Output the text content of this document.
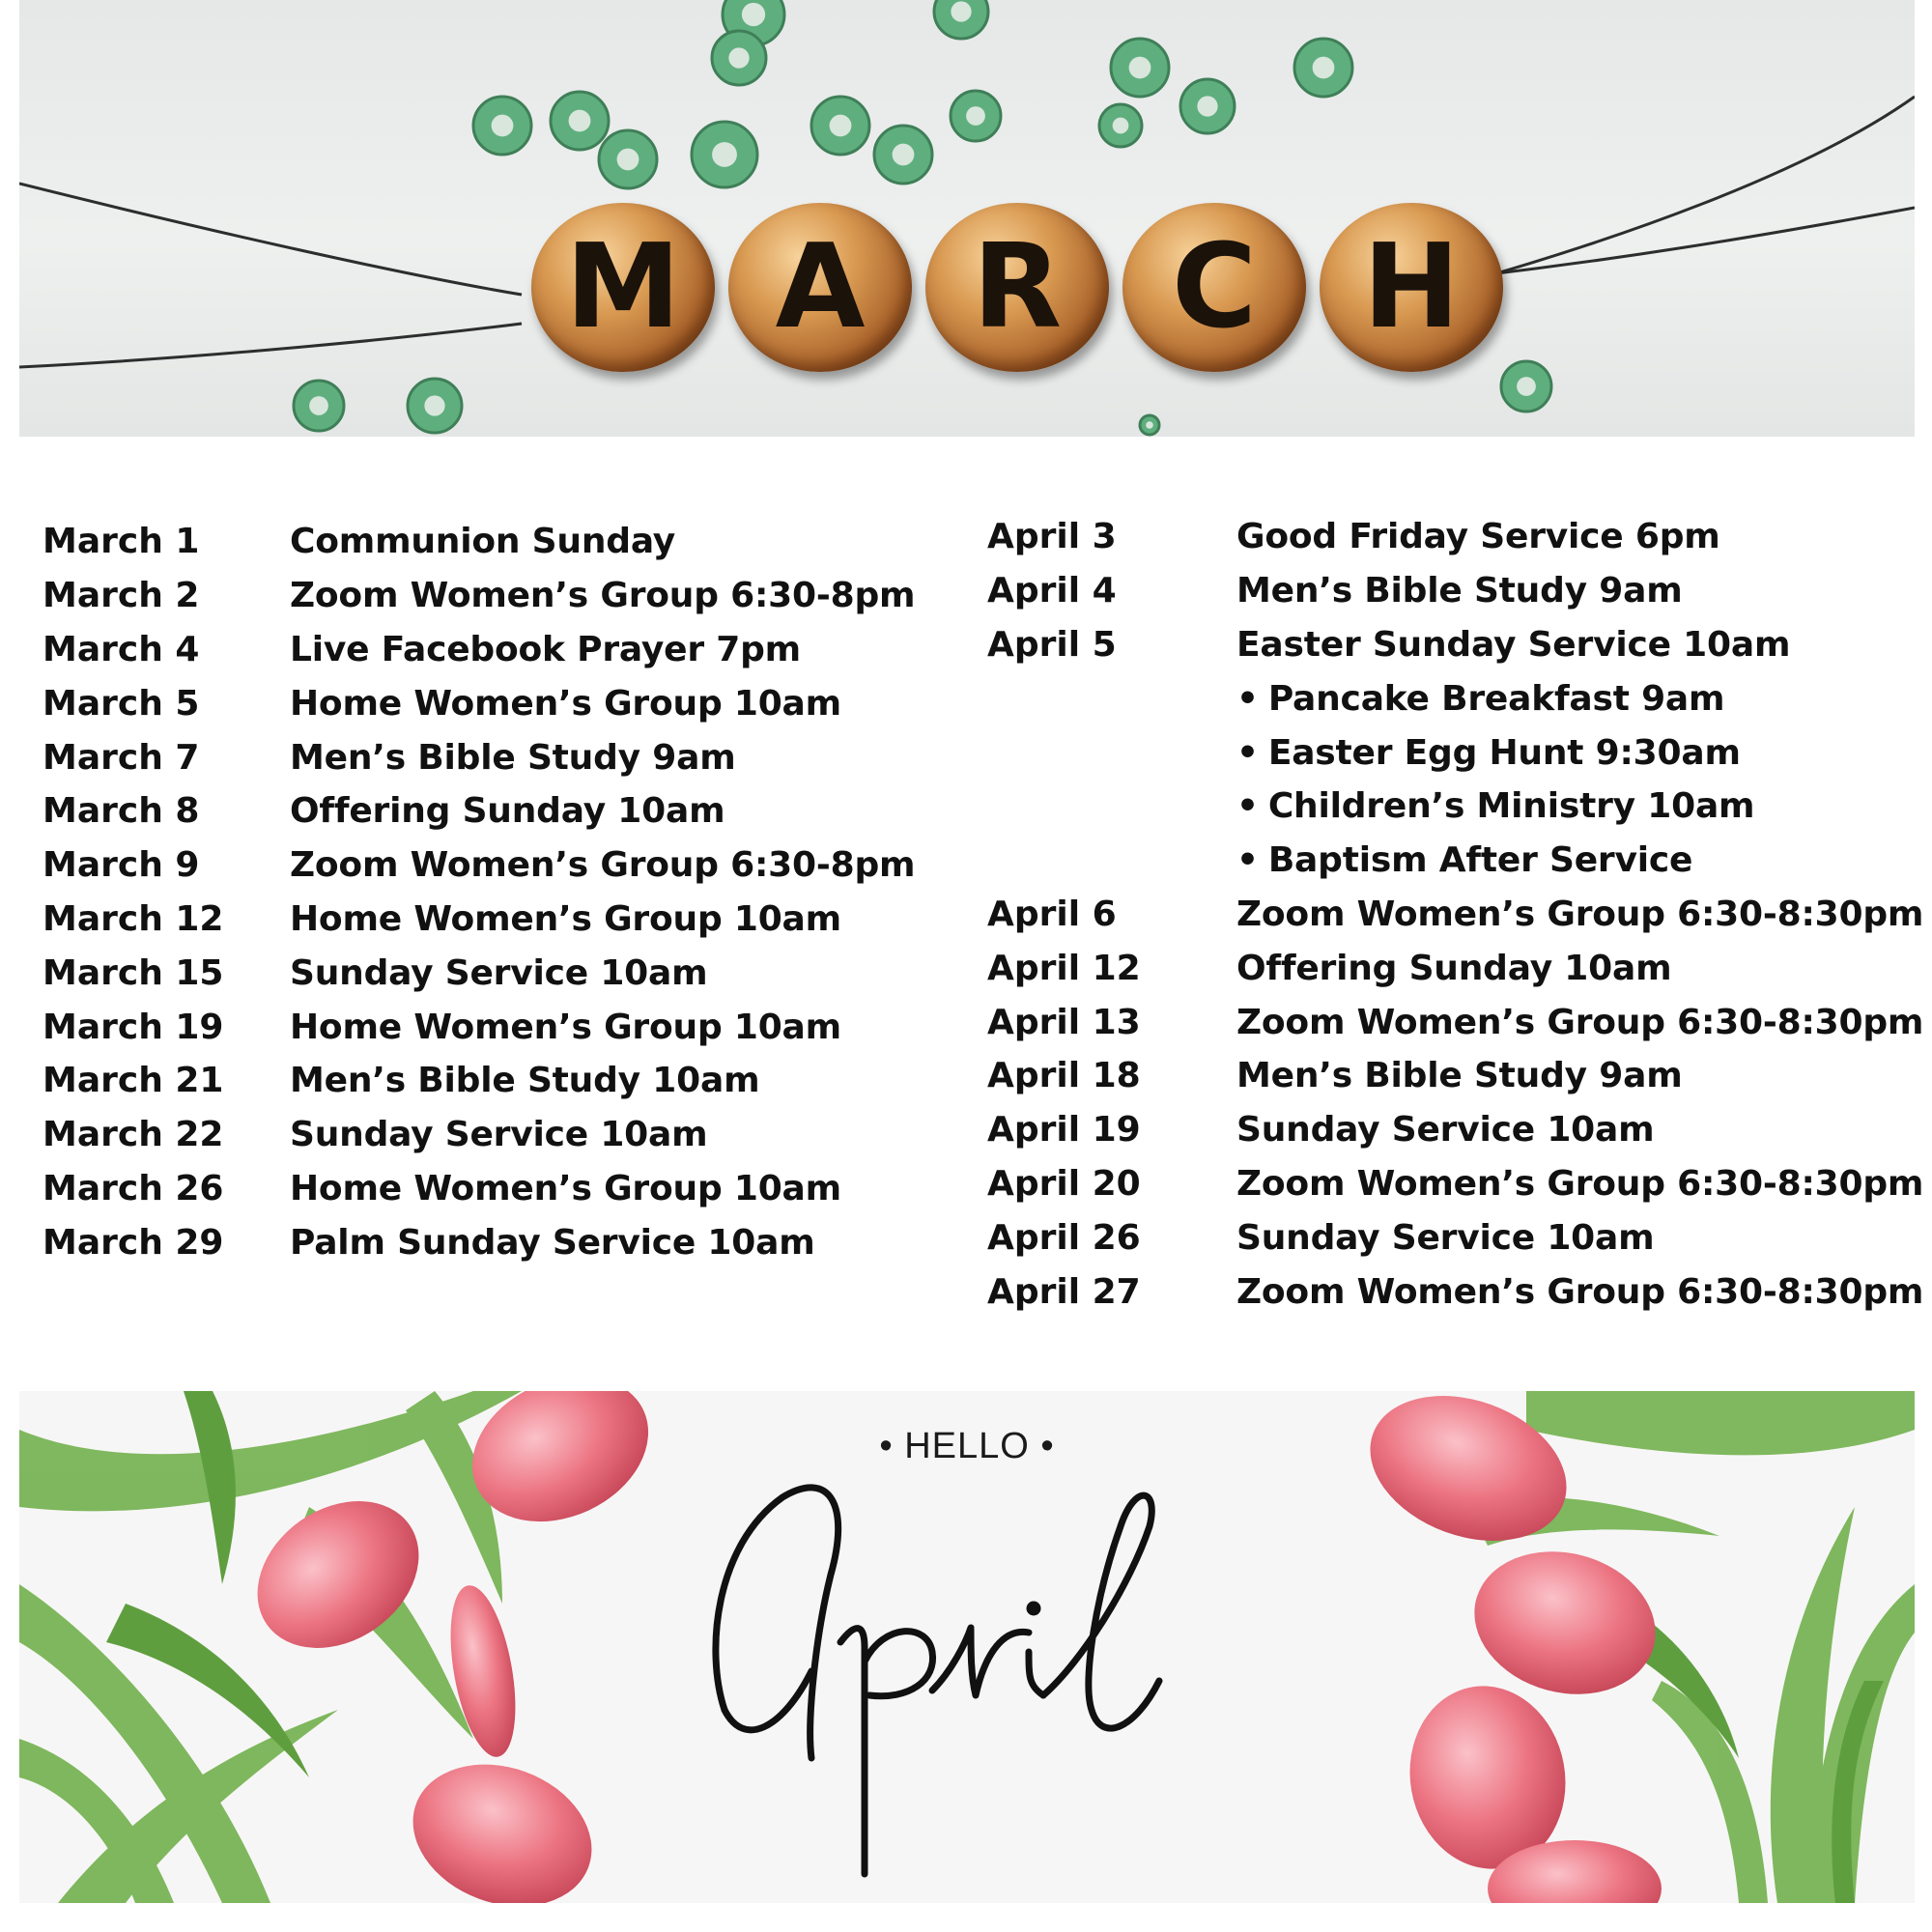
M A R C H
March 1	Communion Sunday
March 2	Zoom Women’s Group 6:30-8pm
March 4	Live Facebook Prayer 7pm
March 5	Home Women’s Group 10am
March 7	Men’s Bible Study 9am
March 8	Offering Sunday 10am
March 9	Zoom Women’s Group 6:30-8pm
March 12 Home Women’s Group 10am
March 15 Sunday Service 10am
March 19 Home Women’s Group 10am
March 21 Men’s Bible Study 10am
March 22 Sunday Service 10am
March 26 Home Women’s Group 10am
March 29 Palm Sunday Service 10am
April 3	Good Friday Service 6pm
April 4	Men’s Bible Study 9am
April 5	Easter Sunday Service 10am
• Pancake Breakfast 9am
• Easter Egg Hunt 9:30am
• Children’s Ministry 10am
• Baptism After Service
April 6	Zoom Women’s Group 6:30-8:30pm
April 12	Offering Sunday 10am
April 13	Zoom Women’s Group 6:30-8:30pm
April 18	Men’s Bible Study 9am
April 19	Sunday Service 10am
April 20	Zoom Women’s Group 6:30-8:30pm
April 26	Sunday Service 10am
April 27	Zoom Women’s Group 6:30-8:30pm
• HELLO •
